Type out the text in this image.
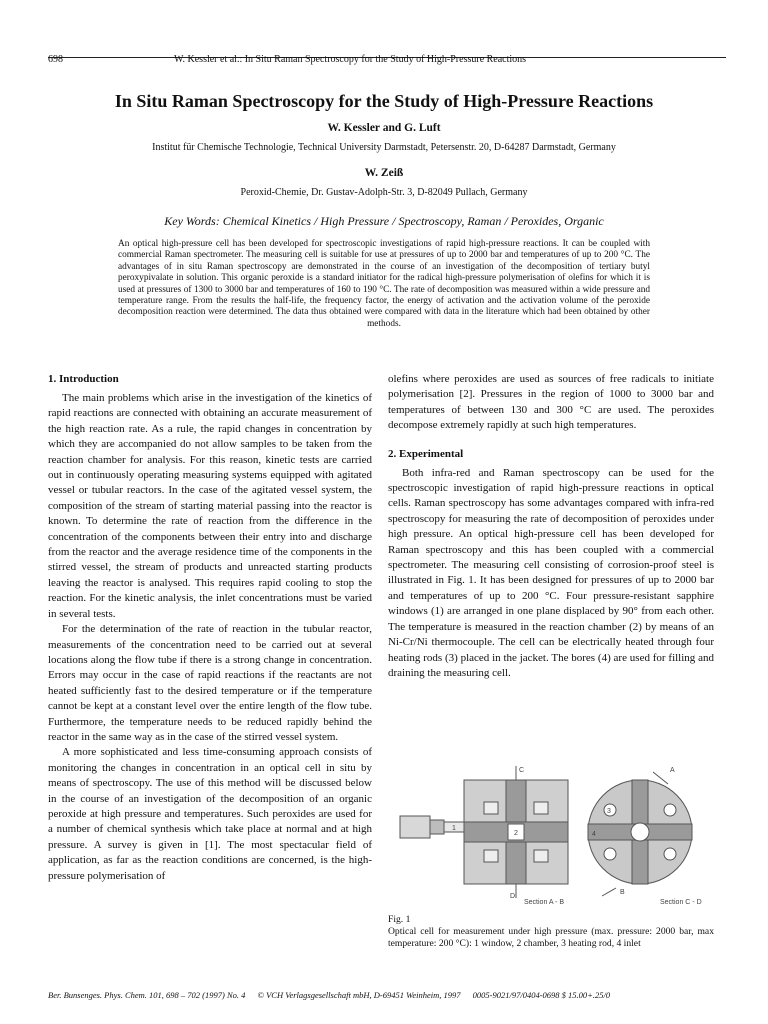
698	W. Kessler et al.: In Situ Raman Spectroscopy for the Study of High-Pressure Reactions
In Situ Raman Spectroscopy for the Study of High-Pressure Reactions
W. Kessler and G. Luft
Institut für Chemische Technologie, Technical University Darmstadt, Petersenstr. 20, D-64287 Darmstadt, Germany
W. Zeiß
Peroxid-Chemie, Dr. Gustav-Adolph-Str. 3, D-82049 Pullach, Germany
Key Words: Chemical Kinetics / High Pressure / Spectroscopy, Raman / Peroxides, Organic
An optical high-pressure cell has been developed for spectroscopic investigations of rapid high-pressure reactions. It can be coupled with commercial Raman spectrometer. The measuring cell is suitable for use at pressures of up to 2000 bar and temperatures of up to 200 °C. The advantages of in situ Raman spectroscopy are demonstrated in the course of an investigation of the decomposition of tertiary butyl peroxypivalate in solution. This organic peroxide is a standard initiator for the radical high-pressure polymerisation of olefins for which it is used at pressures of 1300 to 3000 bar and temperatures of 160 to 190 °C. The rate of decomposition was measured within a wide pressure and temperature range. From the results the half-life, the frequency factor, the energy of activation and the activation volume of the peroxide decomposition reaction were determined. The data thus obtained were compared with data in the literature which had been obtained by other methods.
1. Introduction

The main problems which arise in the investigation of the kinetics of rapid reactions are connected with obtaining an accurate measurement of the high reaction rate. As a rule, the rapid changes in concentration by which they are accompanied do not allow samples to be taken from the reaction chamber for analysis. For this reason, kinetic tests are carried out in continuously operating measuring systems equipped with agitated vessel or tubular reactors. In the case of the agitated vessel system, the composition of the stream of starting material passing into the reactor is known. To determine the rate of reaction from the difference in the concentration of the components between their entry into and discharge from the reactor and the average residence time of the components in the stirred vessel, the stream of products and unreacted starting products leaving the reactor is analysed. This requires rapid cooling to stop the reaction. For the kinetic analysis, the inlet concentrations must be varied in several tests.

For the determination of the rate of reaction in the tubular reactor, measurements of the concentration need to be carried out at several locations along the flow tube if there is a strong change in concentration. Errors may occur in the case of rapid reactions if the reactants are not heated sufficiently fast to the desired temperature or if the temperature cannot be kept at a constant level over the entire length of the flow tube. Furthermore, the temperature needs to be reduced rapidly behind the reactor in the same way as in the case of the stirred vessel system.

A more sophisticated and less time-consuming approach consists of monitoring the changes in concentration in an optical cell in situ by means of spectroscopy. The use of this method will be discussed below in the course of an investigation of the decomposition of an organic peroxide at high pressure and temperatures. Such peroxides are used for a number of chemical synthesis which take place at normal and at high pressure. A survey is given in [1]. The most spectacular field of application, as far as the reaction conditions are concerned, is the high-pressure polymerisation of

olefins where peroxides are used as sources of free radicals to initiate polymerisation [2]. Pressures in the region of 1000 to 3000 bar and temperatures of between 130 and 300 °C are used. The peroxides decompose extremely rapidly at such high temperatures.

2. Experimental

Both infra-red and Raman spectroscopy can be used for the spectroscopic investigation of rapid high-pressure reactions in optical cells. Raman spectroscopy has some advantages compared with infra-red spectroscopy for measuring the rate of decomposition of peroxides under high pressure. An optical high-pressure cell has been developed for Raman spectroscopy and this has been coupled with a commercial spectrometer. The measuring cell consisting of corrosion-proof steel is illustrated in Fig. 1. It has been designed for pressures of up to 2000 bar and temperatures of up to 200 °C. Four pressure-resistant sapphire windows (1) are arranged in one plane displaced by 90° from each other. The temperature is measured in the reaction chamber (2) by means of an Ni-Cr/Ni thermocouple. The cell can be electrically heated through four heating rods (3) placed in the jacket. The bores (4) are used for filling and draining the measuring cell.

C	A
D
B
Section A - B	Section C - D
1
2
3
4
Fig. 1
Optical cell for measurement under high pressure (max. pressure: 2000 bar, max temperature: 200 °C): 1 window, 2 chamber, 3 heating rod, 4 inlet
Ber. Bunsenges. Phys. Chem. 101, 698 – 702 (1997) No. 4 © VCH Verlagsgesellschaft mbH, D-69451 Weinheim, 1997 0005-9021/97/0404-0698 $ 15.00+.25/0
